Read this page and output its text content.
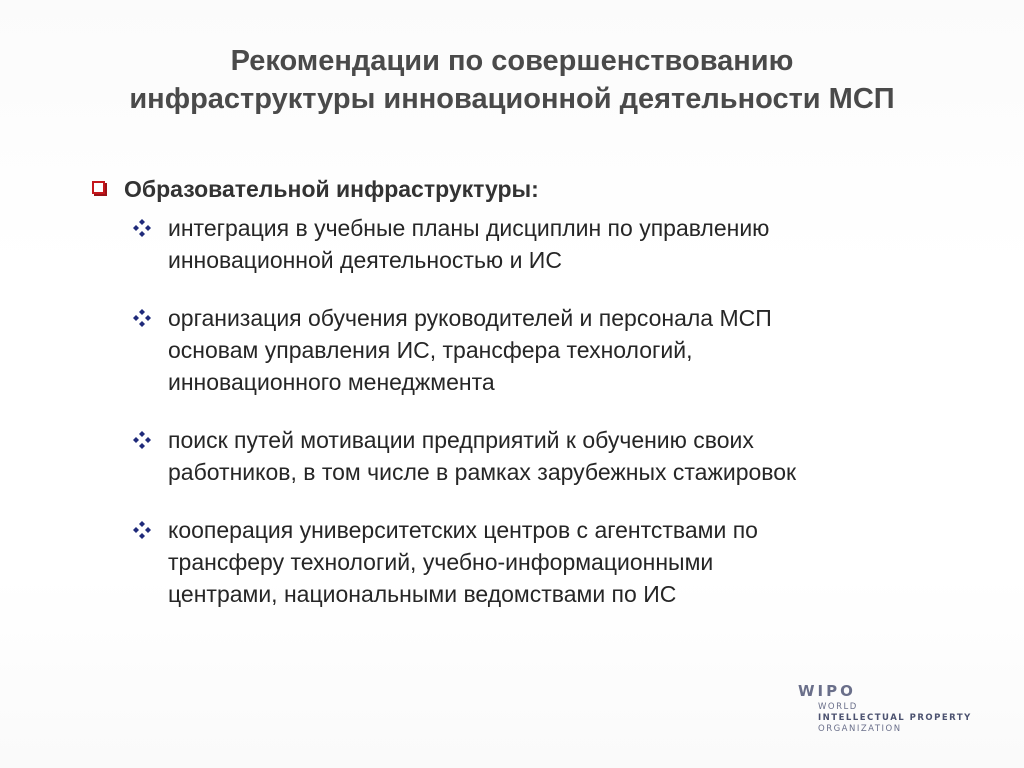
Рекомендации по совершенствованию
инфраструктуры инновационной деятельности МСП
Образовательной инфраструктуры:
интеграция в учебные планы дисциплин по управлению
инновационной деятельностью и ИС
организация обучения руководителей и персонала МСП
основам управления ИС, трансфера технологий,
инновационного менеджмента
поиск путей мотивации предприятий к обучению своих
работников, в том числе в рамках зарубежных стажировок
кооперация университетских центров с агентствами по
трансферу технологий, учебно-информационными
центрами, национальными ведомствами по ИС
WIPO
WORLD
INTELLECTUAL PROPERTY
ORGANIZATION
